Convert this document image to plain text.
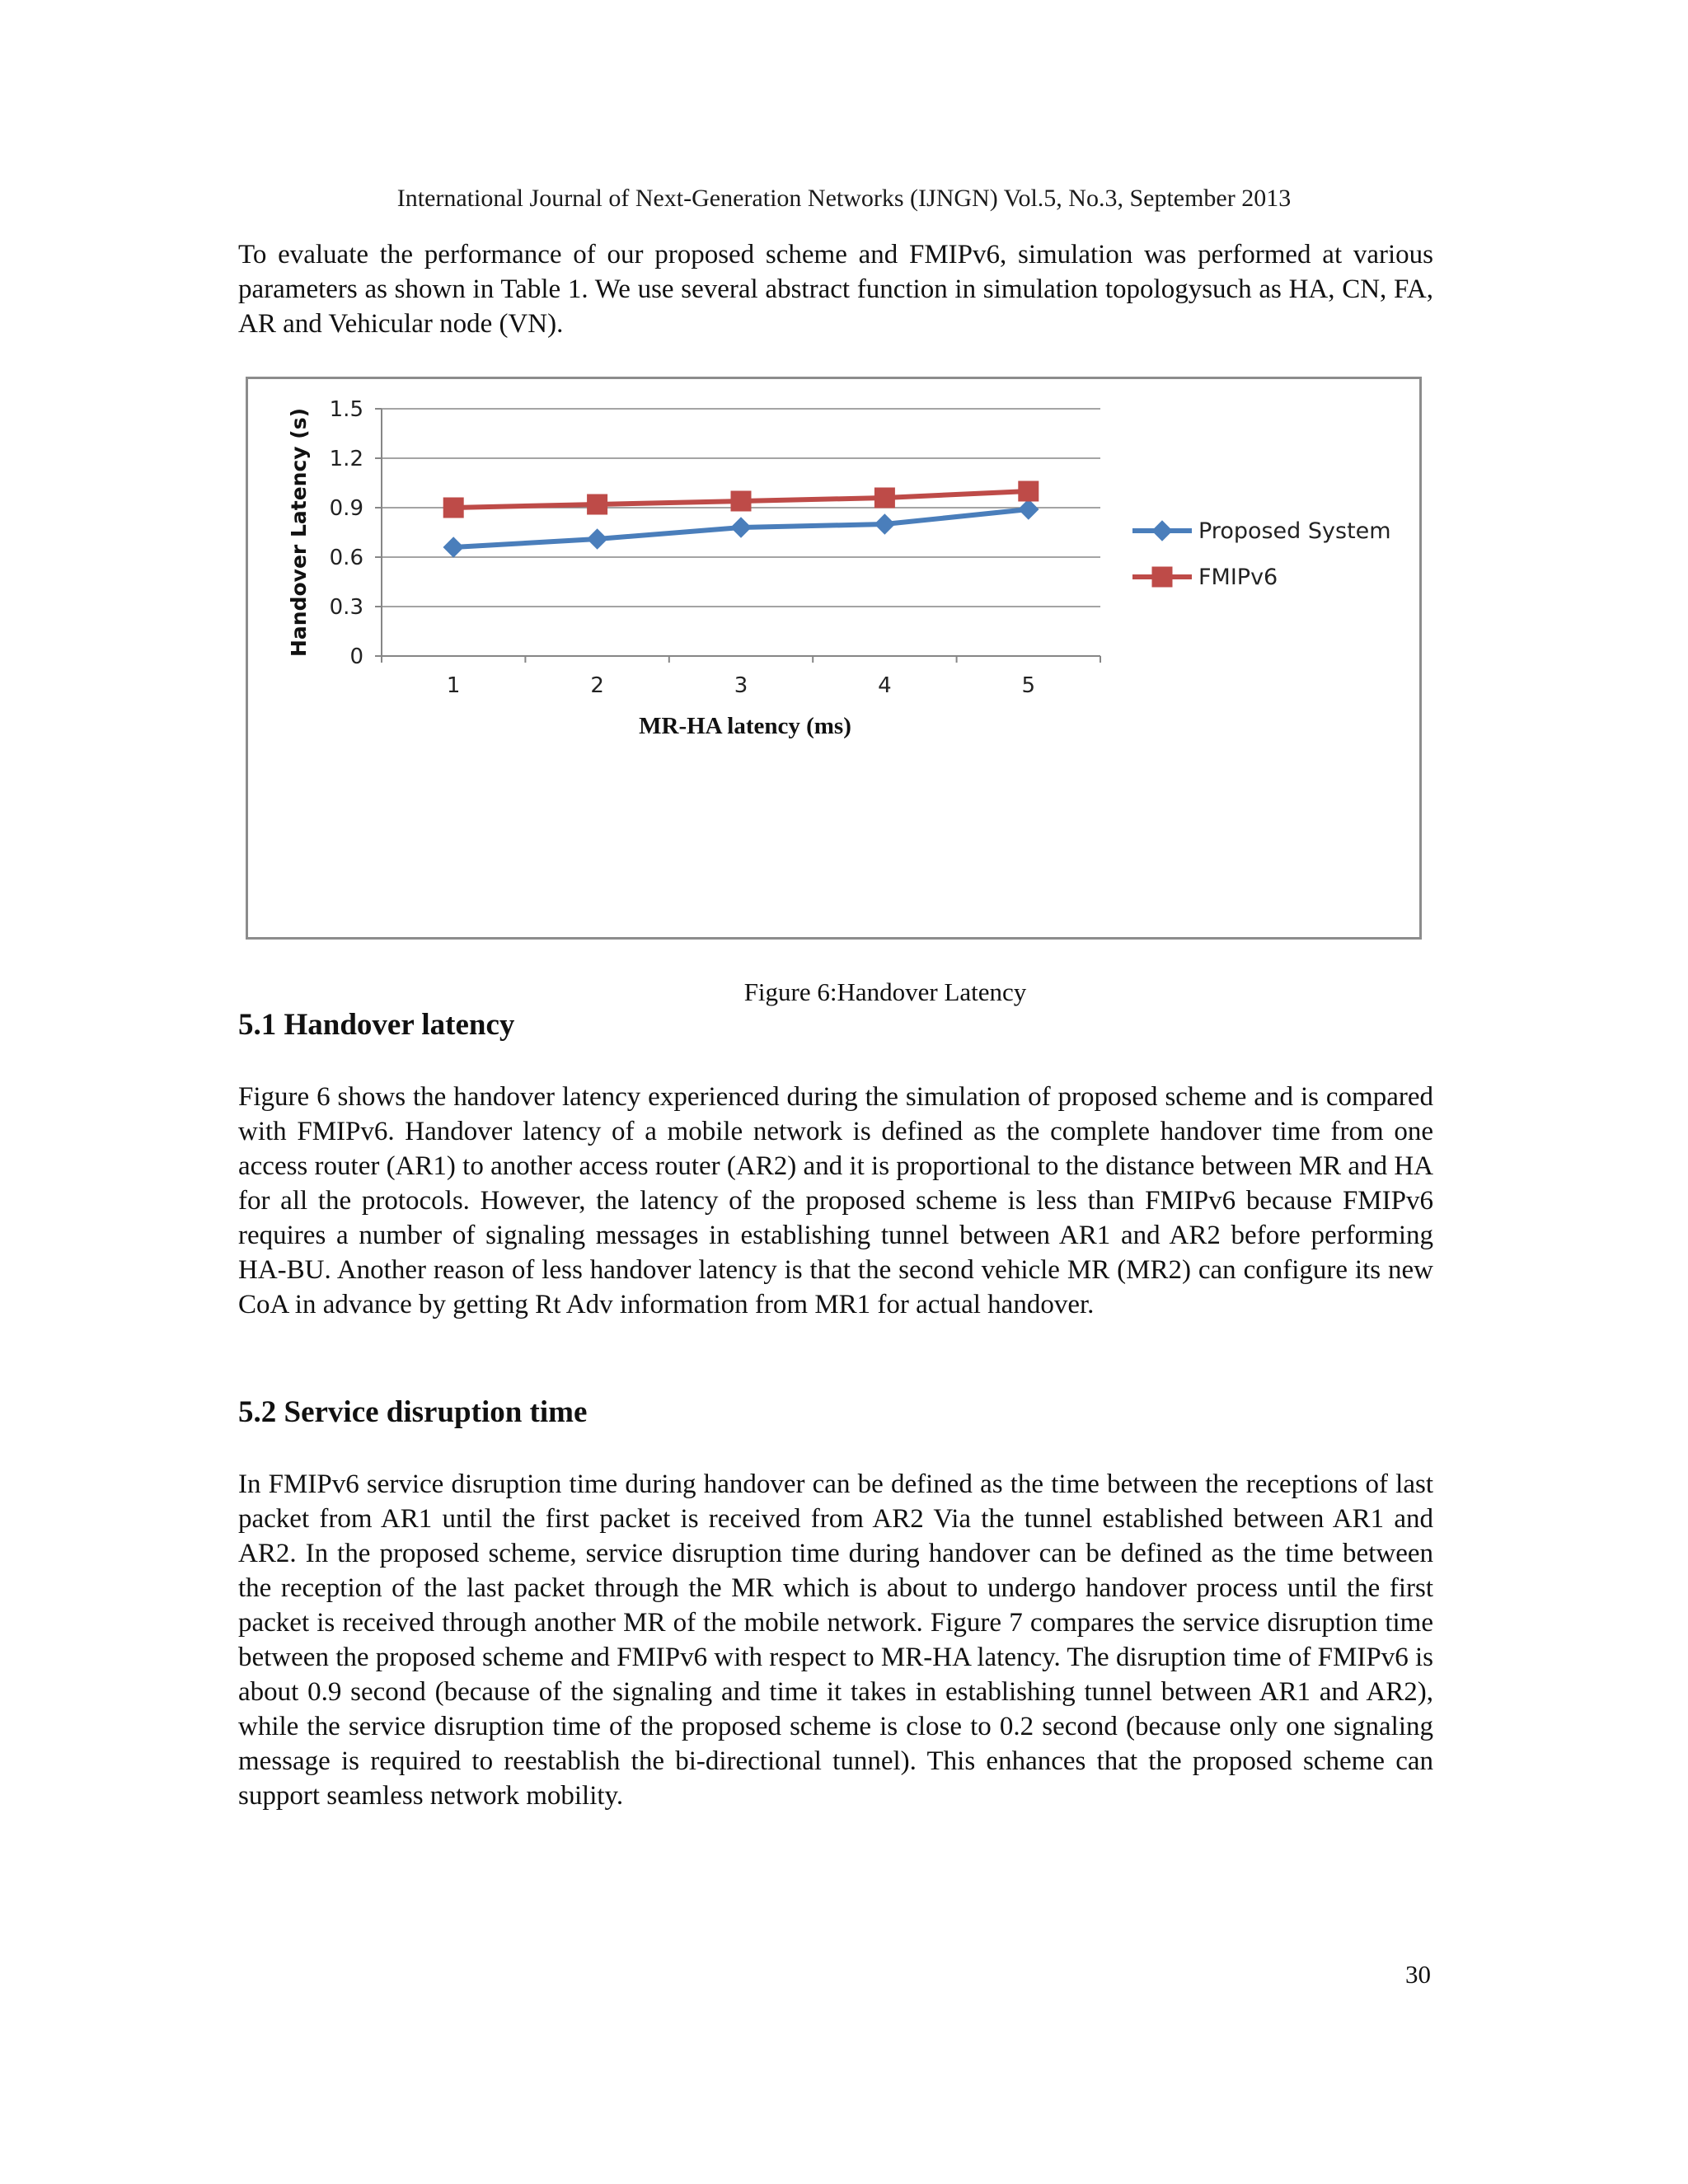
International Journal of Next-Generation Networks (IJNGN) Vol.5, No.3, September 2013

To evaluate the performance of our proposed scheme and FMIPv6, simulation was performed at various parameters as shown in Table 1. We use several abstract function in simulation topologysuch as HA, CN, FA, AR and Vehicular node (VN).

0
0.3
0.6
0.9
1.2
1.5
1	2	3	4	5
MR-HA latency (ms)
Handover Latency (s)	Proposed System
FMIPv6
Figure 6:Handover Latency
5.1 Handover latency

Figure 6 shows the handover latency experienced during the simulation of proposed scheme and is compared with FMIPv6. Handover latency of a mobile network is defined as the complete handover time from one access router (AR1) to another access router (AR2) and it is proportional to the distance between MR and HA for all the protocols. However, the latency of the proposed scheme is less than FMIPv6 because FMIPv6 requires a number of signaling messages in establishing tunnel between AR1 and AR2 before performing HA-BU. Another reason of less handover latency is that the second vehicle MR (MR2) can configure its new CoA in advance by getting Rt Adv information from MR1 for actual handover.

5.2 Service disruption time

In FMIPv6 service disruption time during handover can be defined as the time between the receptions of last packet from AR1 until the first packet is received from AR2 Via the tunnel established between AR1 and AR2. In the proposed scheme, service disruption time during handover can be defined as the time between the reception of the last packet through the MR which is about to undergo handover process until the first packet is received through another MR of the mobile network. Figure 7 compares the service disruption time between the proposed scheme and FMIPv6 with respect to MR-HA latency. The disruption time of FMIPv6 is about 0.9 second (because of the signaling and time it takes in establishing tunnel between AR1 and AR2), while the service disruption time of the proposed scheme is close to 0.2 second (because only one signaling message is required to reestablish the bi-directional tunnel). This enhances that the proposed scheme can support seamless network mobility.

30
